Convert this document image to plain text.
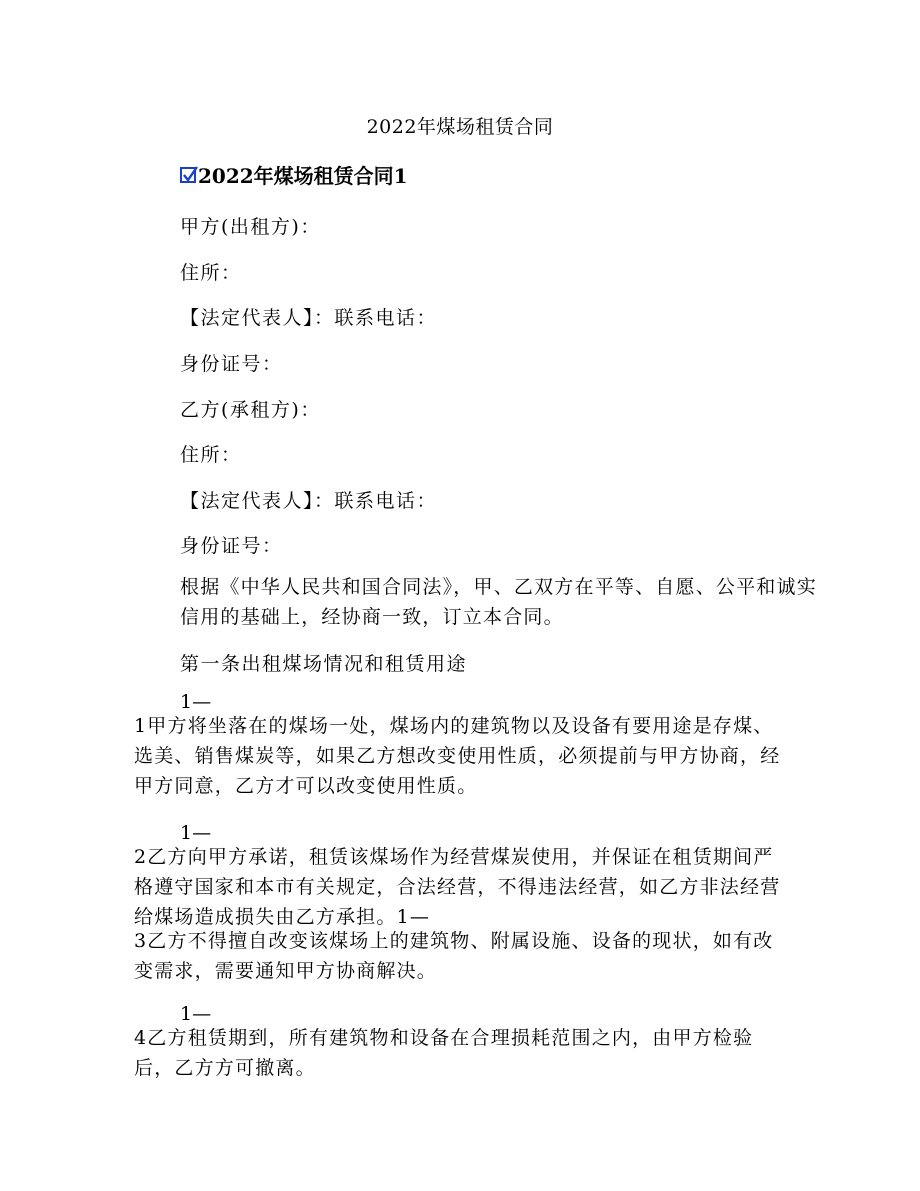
2022年煤场租赁合同
2022年煤场租赁合同1
甲方(出租方)：
住所：
【法定代表人】：联系电话：
身份证号：
乙方(承租方)：
住所：
【法定代表人】：联系电话：
身份证号：
根据《中华人民共和国合同法》，甲、乙双方在平等、自愿、公平和诚实信用的基础上，经协商一致，订立本合同。
第一条出租煤场情况和租赁用途
1—
1甲方将坐落在的煤场一处，煤场内的建筑物以及设备有要用途是存煤、选美、销售煤炭等，如果乙方想改变使用性质，必须提前与甲方协商，经甲方同意，乙方才可以改变使用性质。
1—
2乙方向甲方承诺，租赁该煤场作为经营煤炭使用，并保证在租赁期间严格遵守国家和本市有关规定，合法经营，不得违法经营，如乙方非法经营给煤场造成损失由乙方承担。1—
3乙方不得擅自改变该煤场上的建筑物、附属设施、设备的现状，如有改变需求，需要通知甲方协商解决。
1—
4乙方租赁期到，所有建筑物和设备在合理损耗范围之内，由甲方检验后，乙方方可撤离。
